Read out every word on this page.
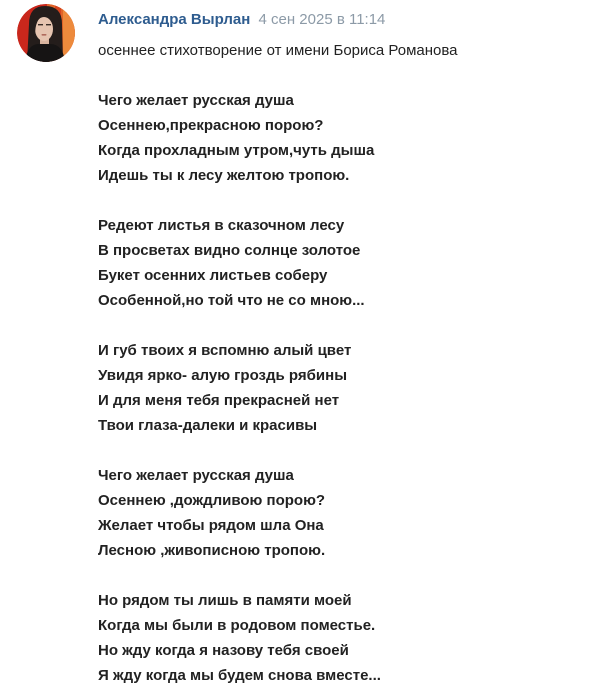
Александра Вырлан 4 сен 2025 в 11:14
осеннее стихотворение от имени Бориса Романова
Чего желает русская душа
Осеннею,прекрасною порою?
Когда прохладным утром,чуть дыша
Идешь ты к лесу желтою тропою.
Редеют листья в сказочном лесу
В просветах видно солнце золотое
Букет осенних листьев соберу
Особенной,но той что не со мною...
И губ твоих я вспомню алый цвет
Увидя ярко- алую гроздь рябины
И для меня тебя прекрасней нет
Твои глаза-далеки и красивы
Чего желает русская душа
Осеннею ,дождливою порою?
Желает чтобы рядом шла Она
Лесною ,живописною тропою.
Но рядом ты лишь в памяти моей
Когда мы были в родовом поместье.
Но жду когда я назову тебя своей
Я жду когда мы будем снова вместе...
